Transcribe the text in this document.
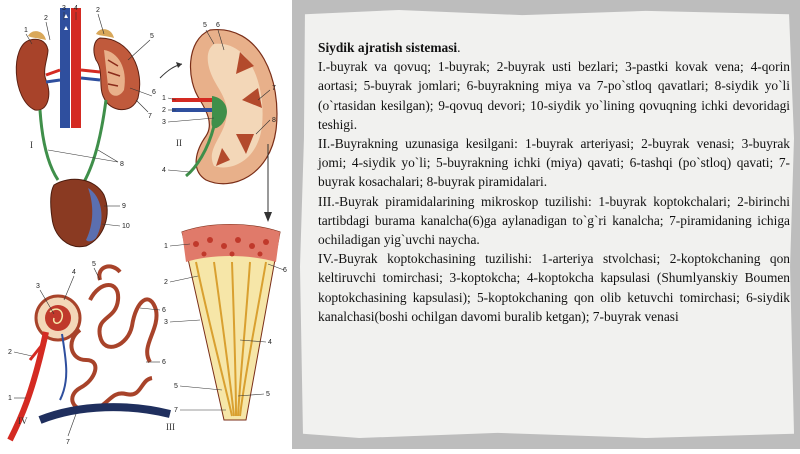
1
2
3 4	2
5
6
7
8
9
10
I
5 6
1
2
3
4
7
8
II
1
2
3
6
4
5
5
7
III
5
4
3
6
2
6
1
7
IV

Siydik ajratish sistemasi.

I.-buyrak va qovuq; 1-buyrak; 2-buyrak usti bezlari; 3-pastki kovak vena; 4-qorin aortasi; 5-buyrak jomlari; 6-buyrakning miya va 7-po`stloq qavatlari; 8-siydik yo`li (o`rtasidan kesilgan); 9-qovuq devori; 10-siydik yo`lining qovuqning ichki devoridagi teshigi.

II.-Buyrakning uzunasiga kesilgani: 1-buyrak arteriyasi; 2-buyrak venasi; 3-buyrak jomi; 4-siydik yo`li; 5-buyrakning ichki (miya) qavati; 6-tashqi (po`stloq) qavati; 7-buyrak kosachalari; 8-buyrak piramidalari.

III.-Buyrak piramidalarining mikroskop tuzilishi: 1-buyrak koptokchalari; 2-birinchi tartibdagi burama kanalcha(6)ga aylanadigan to`g`ri kanalcha; 7-piramidaning ichiga ochiladigan yig`uvchi naycha.

IV.-Buyrak koptokchasining tuzilishi: 1-arteriya stvolchasi; 2-koptokchaning qon keltiruvchi tomirchasi; 3-koptokcha; 4-koptokcha kapsulasi (Shumlyanskiy Boumen koptokchasining kapsulasi); 5-koptokchaning qon olib ketuvchi tomirchasi; 6-siydik kanalchasi(boshi ochilgan davomi buralib ketgan); 7-buyrak venasi
